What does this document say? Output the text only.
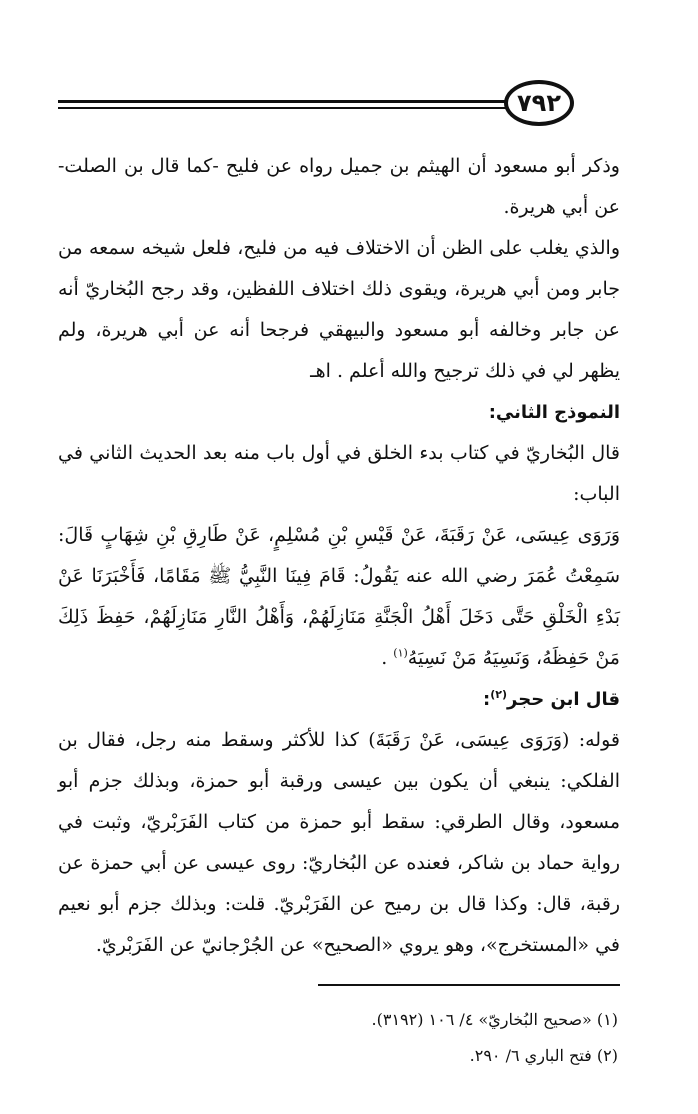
٧٩٢

وذكر أبو مسعود أن الهيثم بن جميل رواه عن فليح -كما قال بن الصلت- عن أبي هريرة.

والذي يغلب على الظن أن الاختلاف فيه من فليح، فلعل شيخه سمعه من جابر ومن أبي هريرة، ويقوى ذلك اختلاف اللفظين، وقد رجح البُخاريّ أنه عن جابر وخالفه أبو مسعود والبيهقي فرجحا أنه عن أبي هريرة، ولم يظهر لي في ذلك ترجيح والله أعلم . اهـ

النموذج الثاني:

قال البُخاريّ في كتاب بدء الخلق في أول باب منه بعد الحديث الثاني في الباب:

وَرَوَى عِيسَى، عَنْ رَقَبَةَ، عَنْ قَيْسِ بْنِ مُسْلِمٍ، عَنْ طَارِقِ بْنِ شِهَابٍ قَالَ: سَمِعْتُ عُمَرَ رضي الله عنه يَقُولُ: قَامَ فِينَا النَّبِيُّ ﷺ مَقَامًا، فَأَخْبَرَنَا عَنْ بَدْءِ الْخَلْقِ حَتَّى دَخَلَ أَهْلُ الْجَنَّةِ مَنَازِلَهُمْ، وَأَهْلُ النَّارِ مَنَازِلَهُمْ، حَفِظَ ذَلِكَ مَنْ حَفِظَهُ، وَنَسِيَهُ مَنْ نَسِيَهُ$^{(١)}$ .

قال ابن حجر$^{(٢)}$:

قوله: (وَرَوَى عِيسَى، عَنْ رَقَبَةَ) كذا للأكثر وسقط منه رجل، فقال بن الفلكي: ينبغي أن يكون بين عيسى ورقبة أبو حمزة، وبذلك جزم أبو مسعود، وقال الطرقي: سقط أبو حمزة من كتاب الفَرَبْريّ، وثبت في رواية حماد بن شاكر، فعنده عن البُخاريّ: روى عيسى عن أبي حمزة عن رقبة، قال: وكذا قال بن رميح عن الفَرَبْريّ. قلت: وبذلك جزم أبو نعيم في «المستخرج»، وهو يروي «الصحيح» عن الجُرْجانيّ عن الفَرَبْريّ.

(١) «صحيح البُخاريّ» ٤/ ١٠٦ (٣١٩٢).

(٢) فتح الباري ٦/ ٢٩٠.
